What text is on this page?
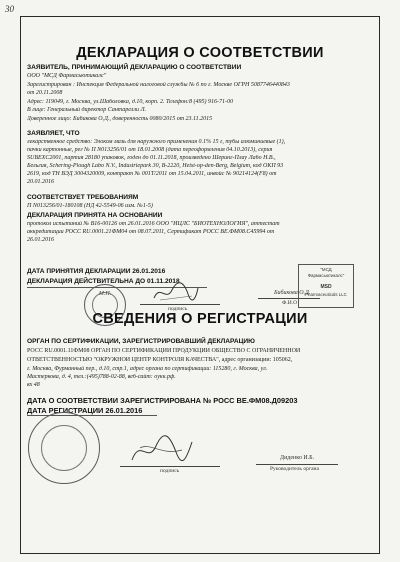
30
ДЕКЛАРАЦИЯ О СООТВЕТСТВИИ
ЗАЯВИТЕЛЬ, ПРИНИМАЮЩИЙ ДЕКЛАРАЦИЮ О СООТВЕТСТВИИ
ООО "МСД Фармасьютикалс"
Зарегистрирован : Инспекция Федеральной налоговой службы № 6 по г. Москве ОГРН 5087746440843
от 20.11.2008
Адрес: 119049, г. Москва, ул.Шаболовка, д.10, корп. 2. Телефон:8 (495) 916-71-00
В лице: Генеральный директор Сантарелли Л.
Доверенное лицо: Бибикова О.Д., доверенность 0080/2015 от 23.11.2015
ЗАЯВЛЯЕТ, ЧТО
лекарственное средство: Элоком мазь для наружного применения 0.1% 15 г, тубы алюминиевые (1),
пачки картонные, рег № П N013256/01 от 18.01.2008 (дата переоформления 04.10.2013), серия
SUBEXC2001, партия 28180 упаковок, годен до 01.11.2018, произведено Шеринг-Плау Лабо Н.В.,
Бельгия, Schering-Plough Labo N.V., Industriepark 30, B-2220, Heist-op-den-Berg, Belgium, код ОКП 93
2619, код ТН ВЭД 3004320009, контракт № 001T/2011 от 15.04.2011, инвойс № 90214124(F8) от
20.01.2016
СООТВЕТСТВУЕТ ТРЕБОВАНИЯМ
П N013256/01-180108 (НД 42-5549-06 изм. №1-5)
ДЕКЛАРАЦИЯ ПРИНЯТА НА ОСНОВАНИИ
протокол испытаний № В16-00126 от 26.01.2016 ООО "ИЦЛС "БИОТЕХНОЛОГИЯ", аттестат
аккредитации РОСС RU.0001.21ФМ04 от 08.07.2011, Сертификат РОСС BE.ФМ08.С45994 от
26.01.2016
ДАТА ПРИНЯТИЯ ДЕКЛАРАЦИИ 26.01.2016
ДЕКЛАРАЦИЯ ДЕЙСТВИТЕЛЬНА ДО 01.11.2018
М.П.
подпись
Бибикова О.Д.
Ф.И.О
"МСД
Фармасьютикалс"
MSD
Pharmaceuticals LLC
СВЕДЕНИЯ О РЕГИСТРАЦИИ
ОРГАН ПО СЕРТИФИКАЦИИ, ЗАРЕГИСТРИРОВАВШИЙ ДЕКЛАРАЦИЮ
РОСС RU.0001.11ФМ08 ОРГАН ПО СЕРТИФИКАЦИИ ПРОДУКЦИИ ОБЩЕСТВО С ОГРАНИЧЕННОЙ
ОТВЕТСТВЕННОСТЬЮ "ОКРУЖНОЙ ЦЕНТР КОНТРОЛЯ КАЧЕСТВА", адрес организации: 105062,
г. Москва, Фурманный пер., д.10, стр.1, адрес органа по сертификации: 115280, г. Москва, ул.
Мастеркова, д. 4, тел.:(495)788-02-88, веб-сайт: oyкк.pф.
вх 48
ДАТА О СООТВЕТСТВИИ ЗАРЕГИСТРИРОВАНА № РОСС BE.ФМ08.Д09203
ДАТА РЕГИСТРАЦИИ 26.01.2016
подпись
Диденко И.Б.
Руководитель органа
